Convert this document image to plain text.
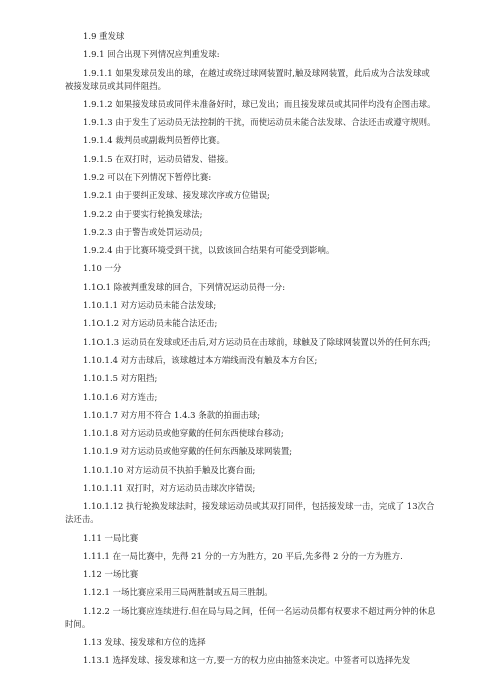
1.9 重发球

1.9.1 回合出现下列情况应判重发球:

1.9.1.1 如果发球员发出的球，在越过或绕过球网装置时,触及球网装置，此后成为合法发球或被接发球员或其同伴阻挡。

1.9.1.2 如果接发球员或同伴未准备好时，球已发出；而且接发球员或其同伴均没有企图击球。

1.9.1.3 由于发生了运动员无法控制的干扰，而使运动员未能合法发球、合法还击或遵守规则。

1.9.1.4 裁判员或副裁判员暂停比赛。

1.9.1.5 在双打时，运动员错发、错接。

1.9.2 可以在下列情况下暂停比赛:

1.9.2.1 由于要纠正发球、接发球次序或方位错误;

1.9.2.2 由于要实行轮换发球法;

1.9.2.3 由于警告或处罚运动员;

1.9.2.4 由于比赛环境受到干扰，以致该回合结果有可能受到影响。

1.10 一分

1.1O.1 除被判重发球的回合，下列情况运动员得一分:

1.10.1.1 对方运动员未能合法发球;

1.1O.1.2 对方运动员未能合法还击;

1.1O.1.3 运动员在发球或还击后,对方运动员在击球前，球触及了除球网装置以外的任何东西;

1.10.1.4 对方击球后，该球越过本方端线而没有触及本方台区;

1.10.1.5 对方阻挡;

1.10.1.6 对方连击;

1.10.1.7 对方用不符合 1.4.3 条款的拍面击球;

1.10.1.8 对方运动员或他穿戴的任何东西使球台移动;

1.10.1.9 对方运动员或他穿戴的任何东西触及球网装置;

1.10.1.10 对方运动员不执拍手触及比赛台面;

1.10.1.11 双打时，对方运动员击球次序错误;

1.10.1.12 执行轮换发球法时，接发球运动员或其双打同伴，包括接发球一击，完成了 13次合法还击。

1.11 一局比赛

1.11.1 在一局比赛中，先得 21 分的一方为胜方，20 平后,先多得 2 分的一方为胜方.

1.12 一场比赛

1.12.1 一场比赛应采用三局两胜制或五局三胜制。

1.12.2 一场比赛应连续进行.但在局与局之间，任何一名运动员都有权要求不超过两分钟的休息时间。

1.13 发球、接发球和方位的选择

1.13.1 选择发球、接发球和这一方,要一方的权力应由抽签来决定。中签者可以选择先发
